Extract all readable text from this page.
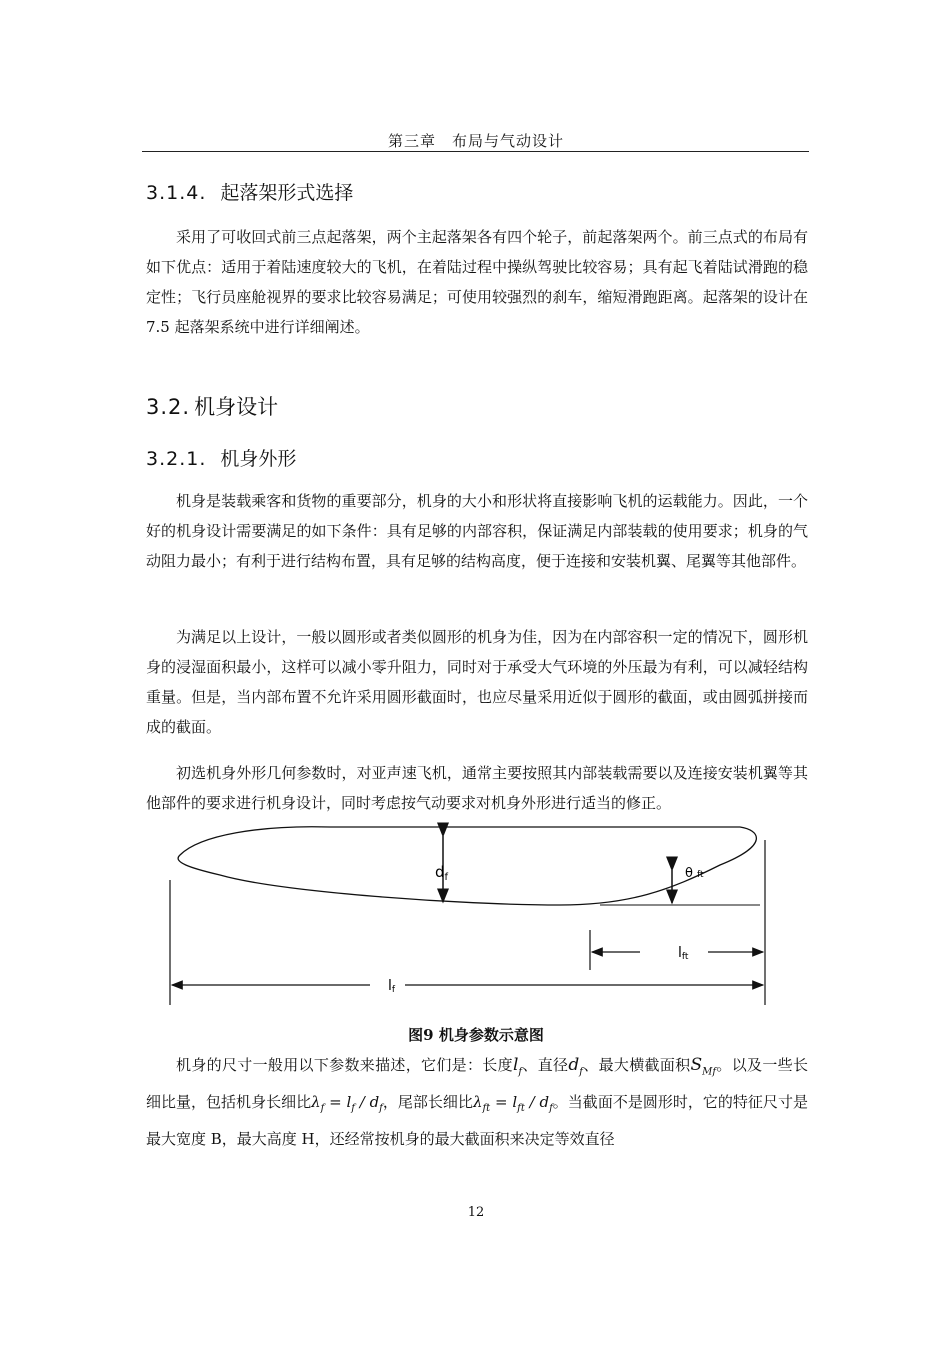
第三章　布局与气动设计
3.1.4. 起落架形式选择
采用了可收回式前三点起落架，两个主起落架各有四个轮子，前起落架两个。前三点式的布局有如下优点：适用于着陆速度较大的飞机，在着陆过程中操纵驾驶比较容易；具有起飞着陆试滑跑的稳定性；飞行员座舱视界的要求比较容易满足；可使用较强烈的刹车，缩短滑跑距离。起落架的设计在 7.5 起落架系统中进行详细阐述。
3.2. 机身设计
3.2.1. 机身外形
机身是装载乘客和货物的重要部分，机身的大小和形状将直接影响飞机的运载能力。因此，一个好的机身设计需要满足的如下条件：具有足够的内部容积，保证满足内部装载的使用要求；机身的气动阻力最小；有利于进行结构布置，具有足够的结构高度，便于连接和安装机翼、尾翼等其他部件。
为满足以上设计，一般以圆形或者类似圆形的机身为佳，因为在内部容积一定的情况下，圆形机身的浸湿面积最小，这样可以减小零升阻力，同时对于承受大气环境的外压最为有利，可以减轻结构重量。但是，当内部布置不允许采用圆形截面时，也应尽量采用近似于圆形的截面，或由圆弧拼接而成的截面。
初选机身外形几何参数时，对亚声速飞机，通常主要按照其内部装载需要以及连接安装机翼等其他部件的要求进行机身设计，同时考虑按气动要求对机身外形进行适当的修正。
$d_f$	θ ft
lft
lf
图9 机身参数示意图
机身的尺寸一般用以下参数来描述，它们是：长度$l_f$、直径$d_f$、最大横截面积$S_{Mf}$。以及一些长细比量，包括机身长细比$\lambda_f = l_f / d_f$，尾部长细比$\lambda_{ft} = l_{ft} / d_f$。当截面不是圆形时，它的特征尺寸是最大宽度 B，最大高度 H，还经常按机身的最大截面积来决定等效直径
12
